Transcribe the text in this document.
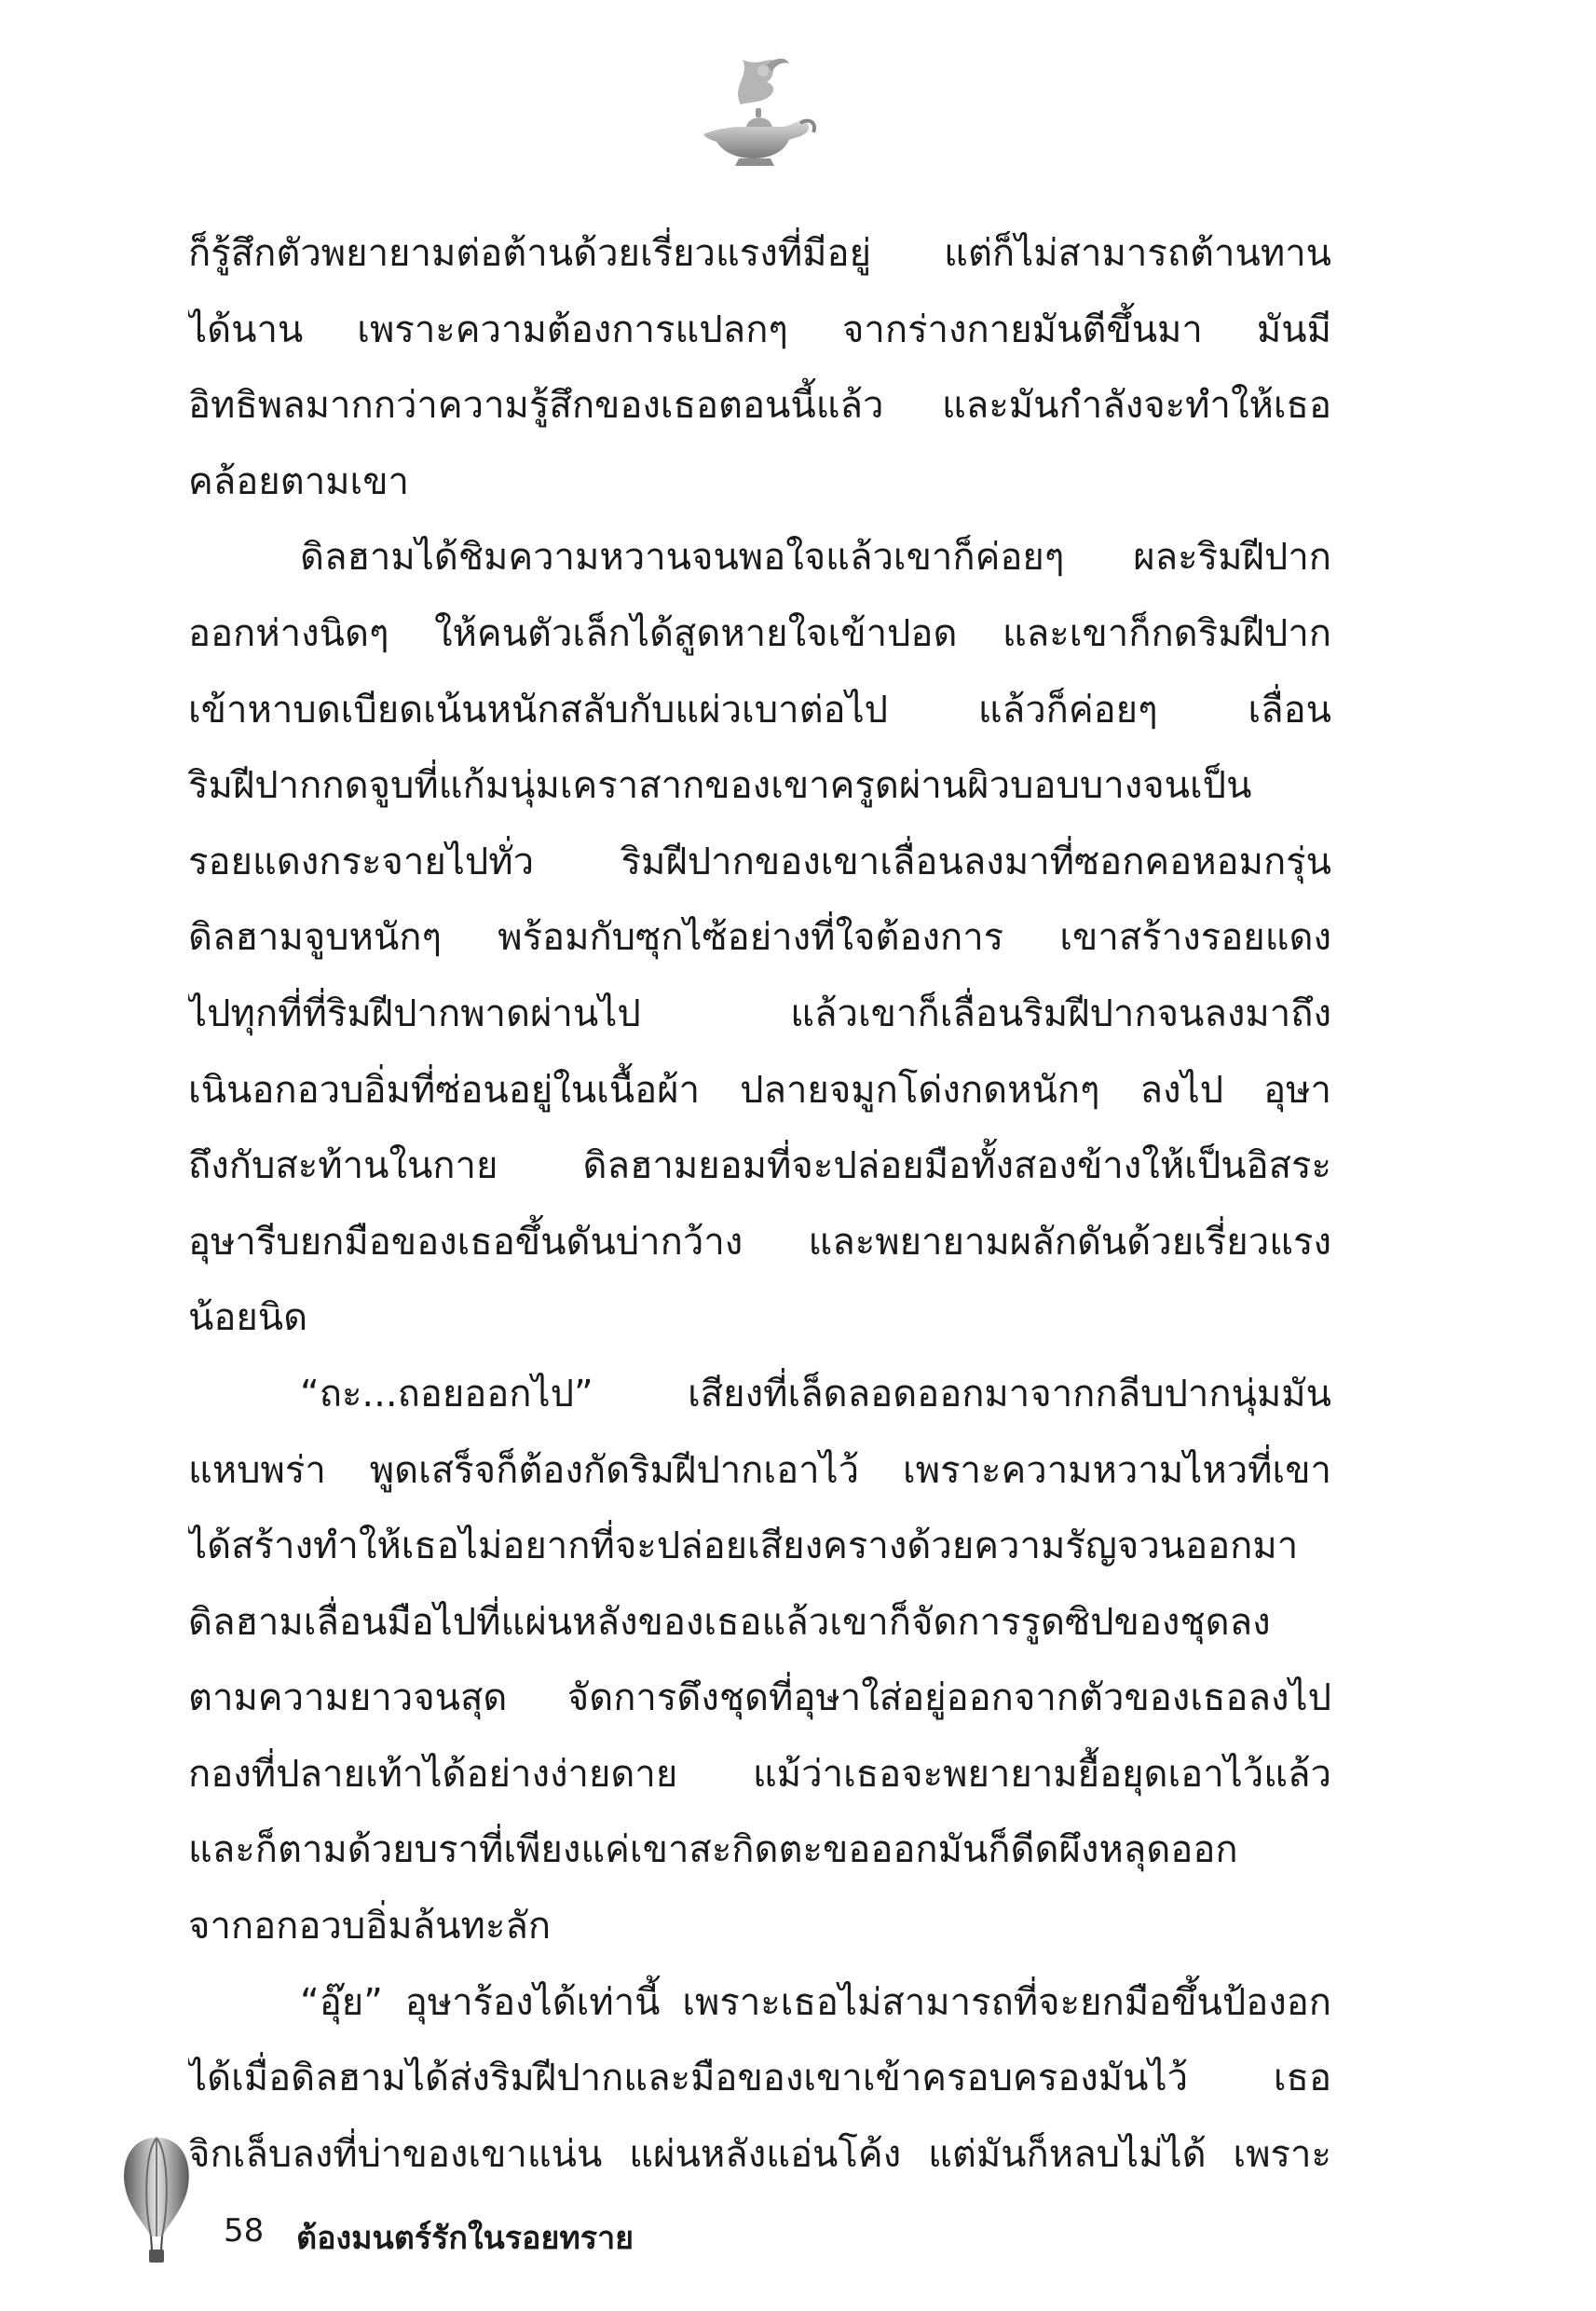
ก็รู้สึกตัวพยายามต่อต้านด้วยเรี่ยวแรงที่มีอยู่ แต่ก็ไม่สามารถต้านทาน
ได้นาน เพราะความต้องการแปลกๆ จากร่างกายมันตีขึ้นมา มันมี
อิทธิพลมากกว่าความรู้สึกของเธอตอนนี้แล้ว และมันกำลังจะทำให้เธอ
คล้อยตามเขา
ดิลฮามได้ชิมความหวานจนพอใจแล้วเขาก็ค่อยๆ ผละริมฝีปาก
ออกห่างนิดๆ ให้คนตัวเล็กได้สูดหายใจเข้าปอด และเขาก็กดริมฝีปาก
เข้าหาบดเบียดเน้นหนักสลับกับแผ่วเบาต่อไป แล้วก็ค่อยๆ เลื่อน
ริมฝีปากกดจูบที่แก้มนุ่มเคราสากของเขาครูดผ่านผิวบอบบางจนเป็น
รอยแดงกระจายไปทั่ว ริมฝีปากของเขาเลื่อนลงมาที่ซอกคอหอมกรุ่น
ดิลฮามจูบหนักๆ พร้อมกับซุกไซ้อย่างที่ใจต้องการ เขาสร้างรอยแดง
ไปทุกที่ที่ริมฝีปากพาดผ่านไป แล้วเขาก็เลื่อนริมฝีปากจนลงมาถึง
เนินอกอวบอิ่มที่ซ่อนอยู่ในเนื้อผ้า ปลายจมูกโด่งกดหนักๆ ลงไป อุษา
ถึงกับสะท้านในกาย ดิลฮามยอมที่จะปล่อยมือทั้งสองข้างให้เป็นอิสระ
อุษารีบยกมือของเธอขึ้นดันบ่ากว้าง และพยายามผลักดันด้วยเรี่ยวแรง
น้อยนิด
“ถะ...ถอยออกไป” เสียงที่เล็ดลอดออกมาจากกลีบปากนุ่มมัน
แหบพร่า พูดเสร็จก็ต้องกัดริมฝีปากเอาไว้ เพราะความหวามไหวที่เขา
ได้สร้างทำให้เธอไม่อยากที่จะปล่อยเสียงครางด้วยความรัญจวนออกมา
ดิลฮามเลื่อนมือไปที่แผ่นหลังของเธอแล้วเขาก็จัดการรูดซิปของชุดลง
ตามความยาวจนสุด จัดการดึงชุดที่อุษาใส่อยู่ออกจากตัวของเธอลงไป
กองที่ปลายเท้าได้อย่างง่ายดาย แม้ว่าเธอจะพยายามยื้อยุดเอาไว้แล้ว
และก็ตามด้วยบราที่เพียงแค่เขาสะกิดตะขอออกมันก็ดีดผึงหลุดออก
จากอกอวบอิ่มล้นทะลัก
“อุ๊ย” อุษาร้องได้เท่านี้ เพราะเธอไม่สามารถที่จะยกมือขึ้นป้องอก
ได้เมื่อดิลฮามได้ส่งริมฝีปากและมือของเขาเข้าครอบครองมันไว้ เธอ
จิกเล็บลงที่บ่าของเขาแน่น แผ่นหลังแอ่นโค้ง แต่มันก็หลบไม่ได้ เพราะ
58 ต้องมนตร์รักในรอยทราย
